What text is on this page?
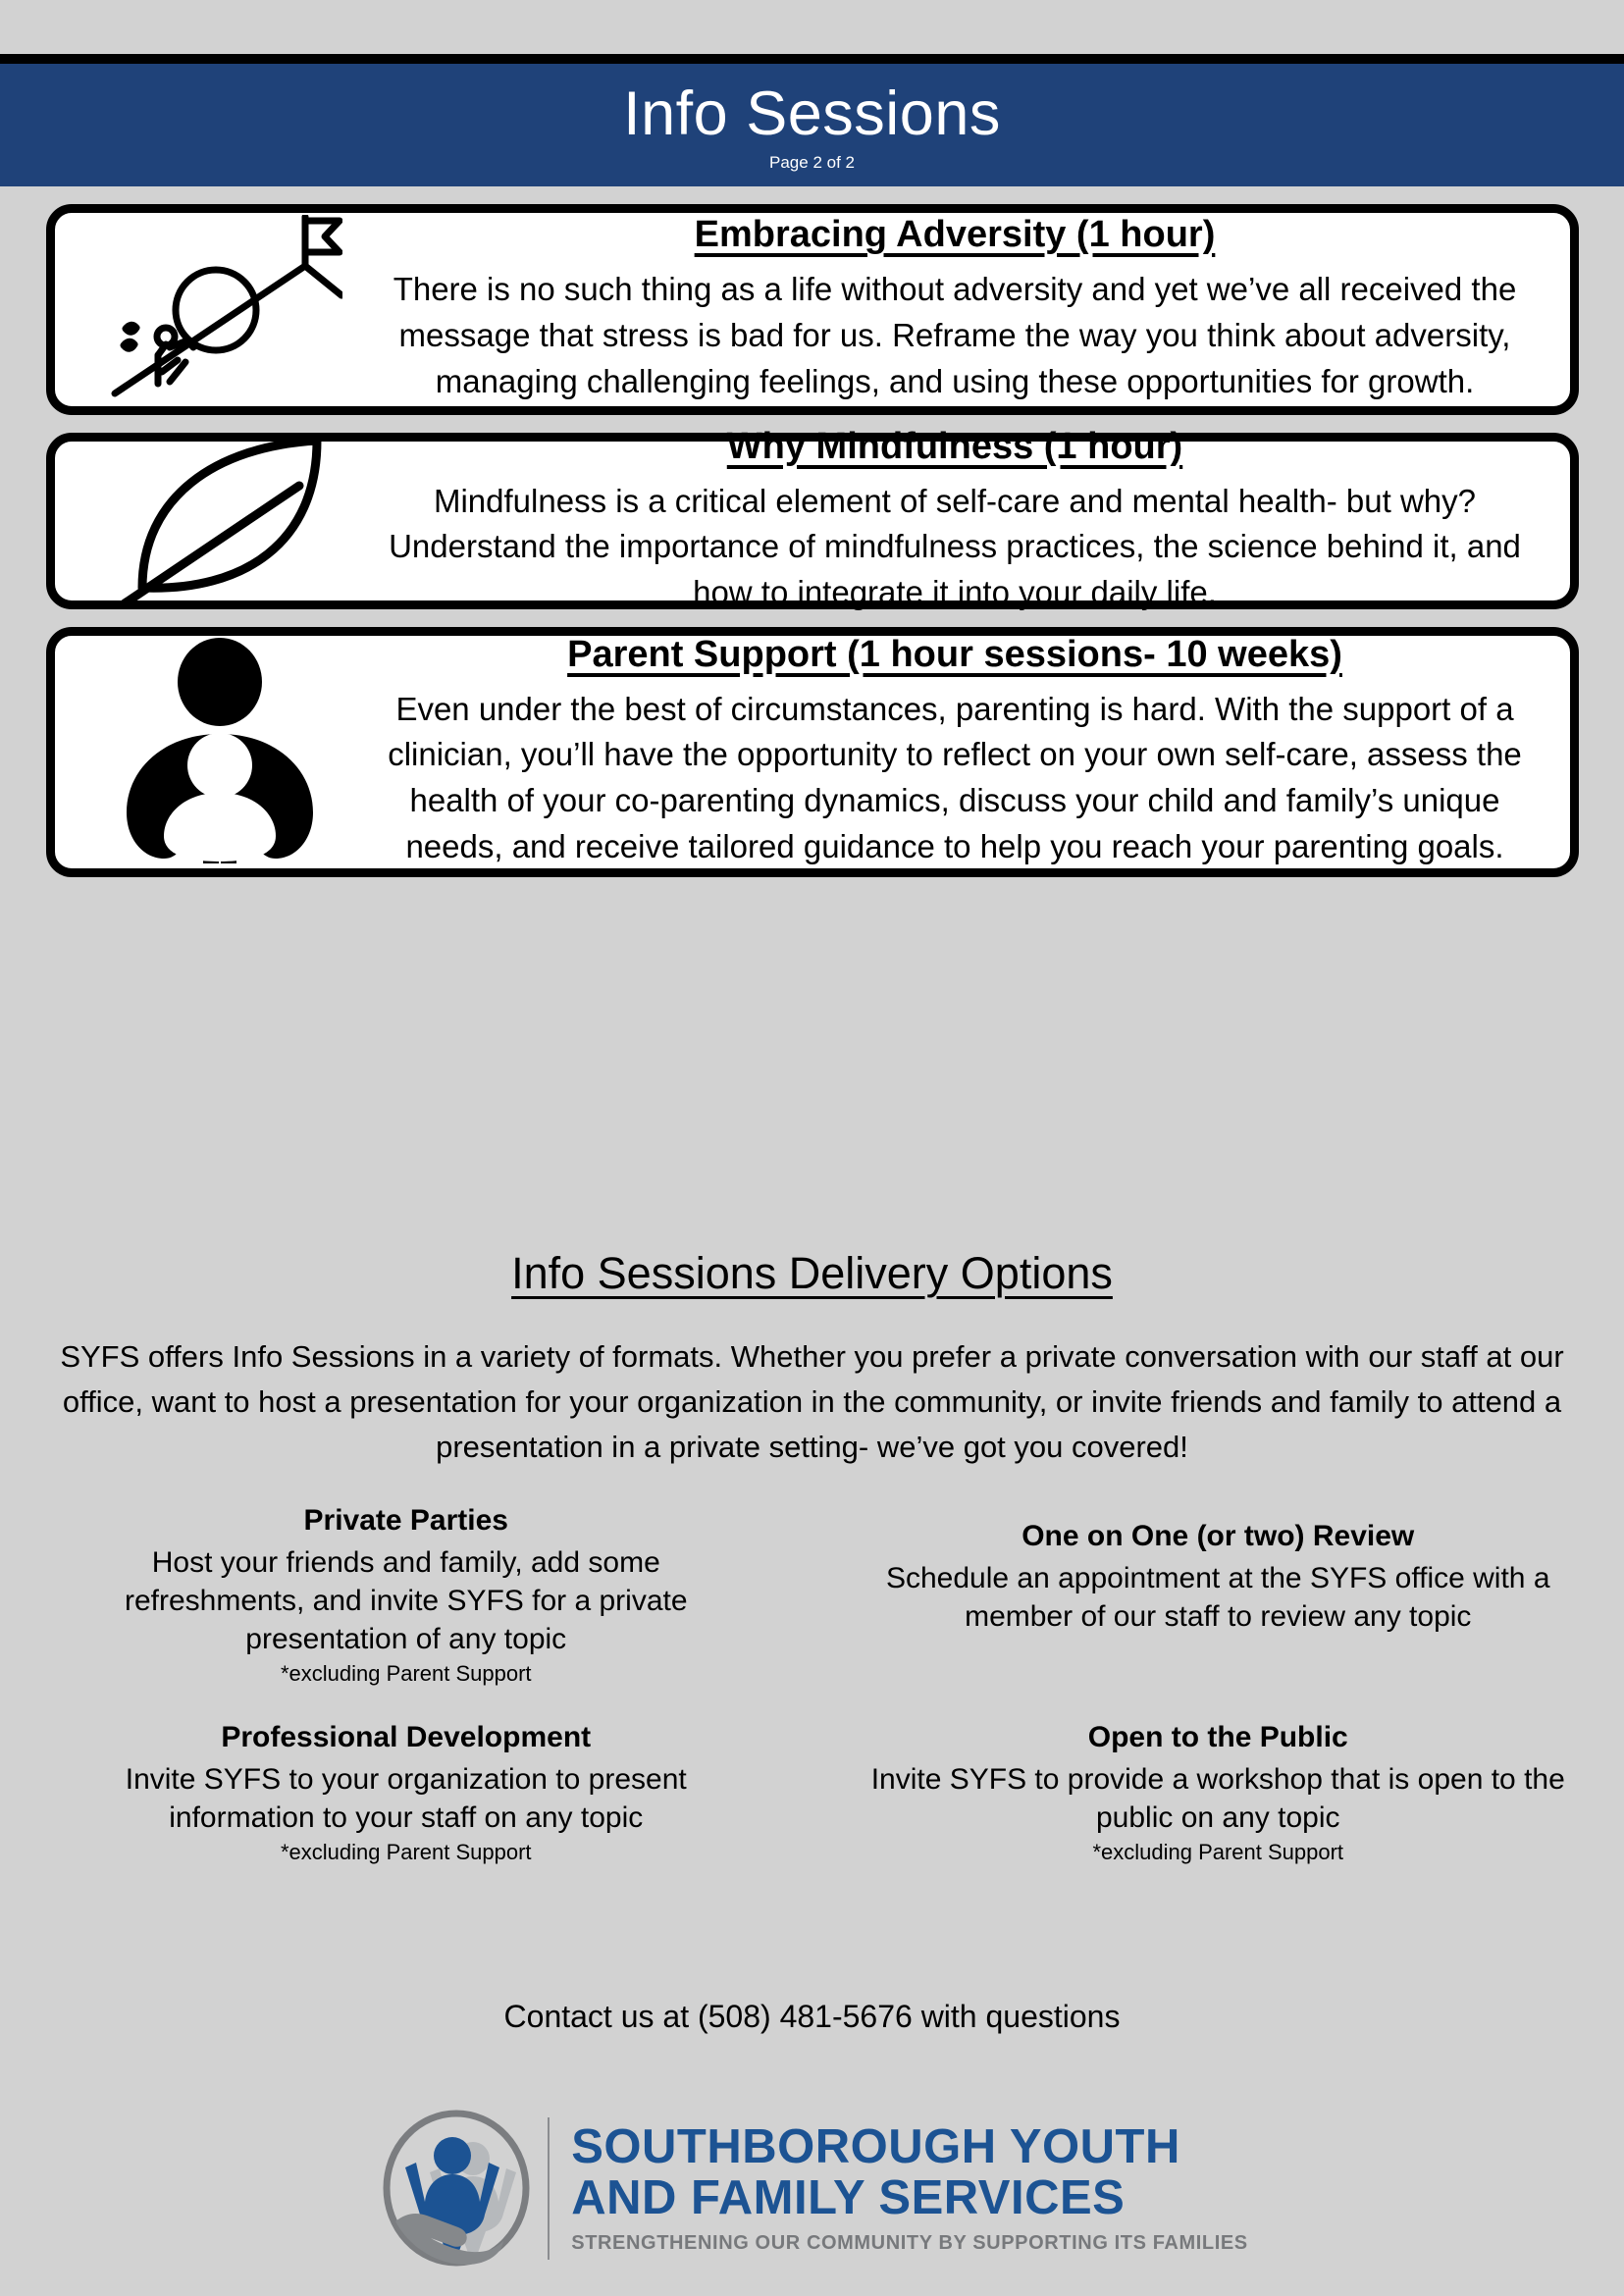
Info Sessions
Page 2 of 2
Embracing Adversity (1 hour)

There is no such thing as a life without adversity and yet we’ve all received the message that stress is bad for us. Reframe the way you think about adversity, managing challenging feelings, and using these opportunities for growth.

Why Mindfulness (1 hour)

Mindfulness is a critical element of self-care and mental health- but why? Understand the importance of mindfulness practices, the science behind it, and how to integrate it into your daily life.

Parent Support (1 hour sessions- 10 weeks)

Even under the best of circumstances, parenting is hard. With the support of a clinician, you’ll have the opportunity to reflect on your own self-care, assess the health of your co-parenting dynamics, discuss your child and family’s unique needs, and receive tailored guidance to help you reach your parenting goals.

Info Sessions Delivery Options

SYFS offers Info Sessions in a variety of formats. Whether you prefer a private conversation with our staff at our office, want to host a presentation for your organization in the community, or invite friends and family to attend a presentation in a private setting- we’ve got you covered!

Private Parties

Host your friends and family, add some refreshments, and invite SYFS for a private presentation of any topic

*excluding Parent Support

One on One (or two) Review

Schedule an appointment at the SYFS office with a member of our staff to review any topic

Professional Development

Invite SYFS to your organization to present information to your staff on any topic

*excluding Parent Support

Open to the Public

Invite SYFS to provide a workshop that is open to the public on any topic

*excluding Parent Support

Contact us at (508) 481-5676 with questions
SOUTHBOROUGH YOUTH
AND FAMILY SERVICES
STRENGTHENING OUR COMMUNITY BY SUPPORTING ITS FAMILIES
